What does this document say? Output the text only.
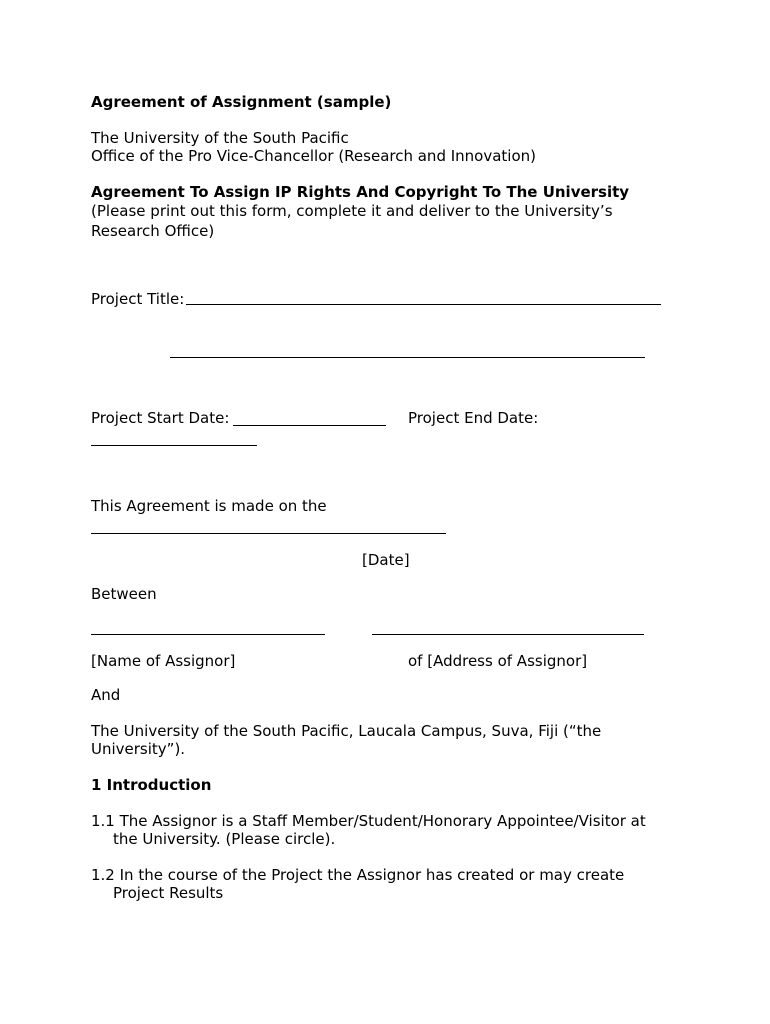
Agreement of Assignment (sample)

The University of the South Pacific

Office of the Pro Vice-Chancellor (Research and Innovation)

Agreement To Assign IP Rights And Copyright To The University

(Please print out this form, complete it and deliver to the University’s

Research Office)

Project Title:

Project Start Date:	Project End Date:

This Agreement is made on the

[Date]

Between

[Name of Assignor]	of [Address of Assignor]

And

The University of the South Pacific, Laucala Campus, Suva, Fiji (“the

University”).

1 Introduction

1.1 The Assignor is a Staff Member/Student/Honorary Appointee/Visitor at

the University. (Please circle).

1.2 In the course of the Project the Assignor has created or may create

Project Results
